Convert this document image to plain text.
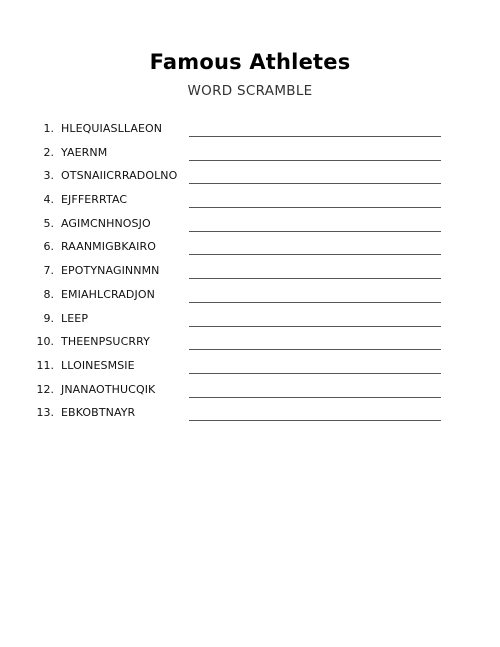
Famous Athletes
WORD SCRAMBLE
1. HLEQUIASLLAEON
2. YAERNM
3. OTSNAIICRRADOLNO
4. EJFFERRTAC
5. AGIMCNHNOSJO
6. RAANMIGBKAIRO
7. EPOTYNAGINNMN
8. EMIAHLCRADJON
9. LEEP
10. THEENPSUCRRY
11. LLOINESMSIE
12. JNANAOTHUCQIK
13. EBKOBTNAYR
